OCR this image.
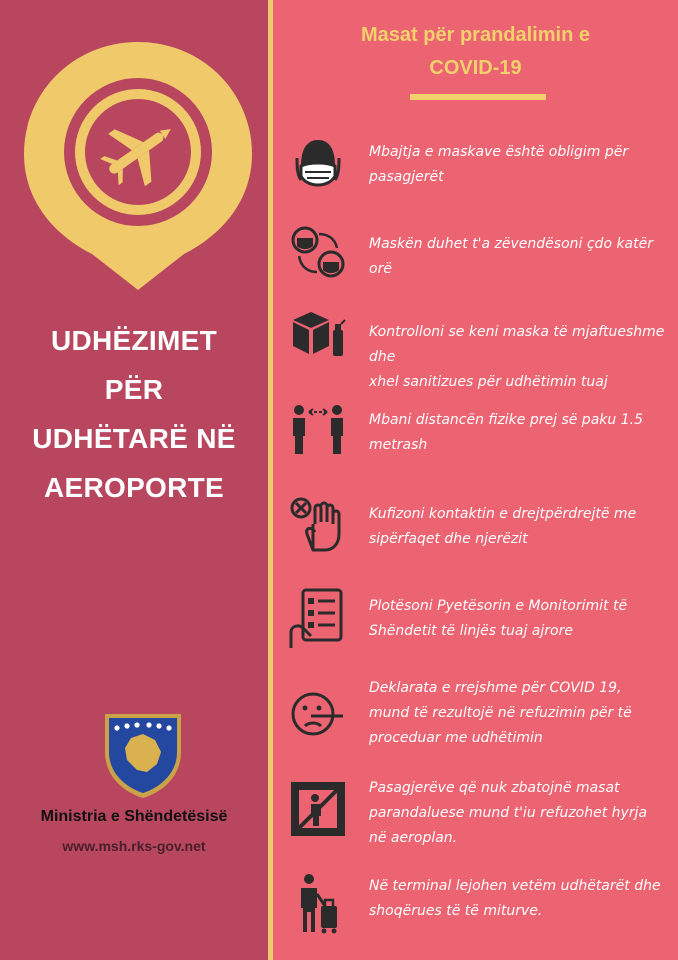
UDHËZIMET
PËR
UDHËTARË NË
AEROPORTE
Ministria e Shëndetësisë
www.msh.rks-gov.net
Masat për prandalimin e
COVID-19
Mbajtja e maskave është obligim për
pasagjerët
Maskën duhet t'a zëvendësoni çdo katër
orë
Kontrolloni se keni maska të mjaftueshme dhe
xhel sanitizues për udhëtimin tuaj
Mbani distancën fizike prej së paku 1.5
metrash
Kufizoni kontaktin e drejtpërdrejtë me
sipërfaqet dhe njerëzit
Plotësoni Pyetësorin e Monitorimit të
Shëndetit të linjës tuaj ajrore
Deklarata e rrejshme për COVID 19,
mund të rezultojë në refuzimin për të
proceduar me udhëtimin
Pasagjerëve që nuk zbatojnë masat
parandaluese mund t'iu refuzohet hyrja
në aeroplan.
Në terminal lejohen vetëm udhëtarët dhe
shoqërues të të miturve.
